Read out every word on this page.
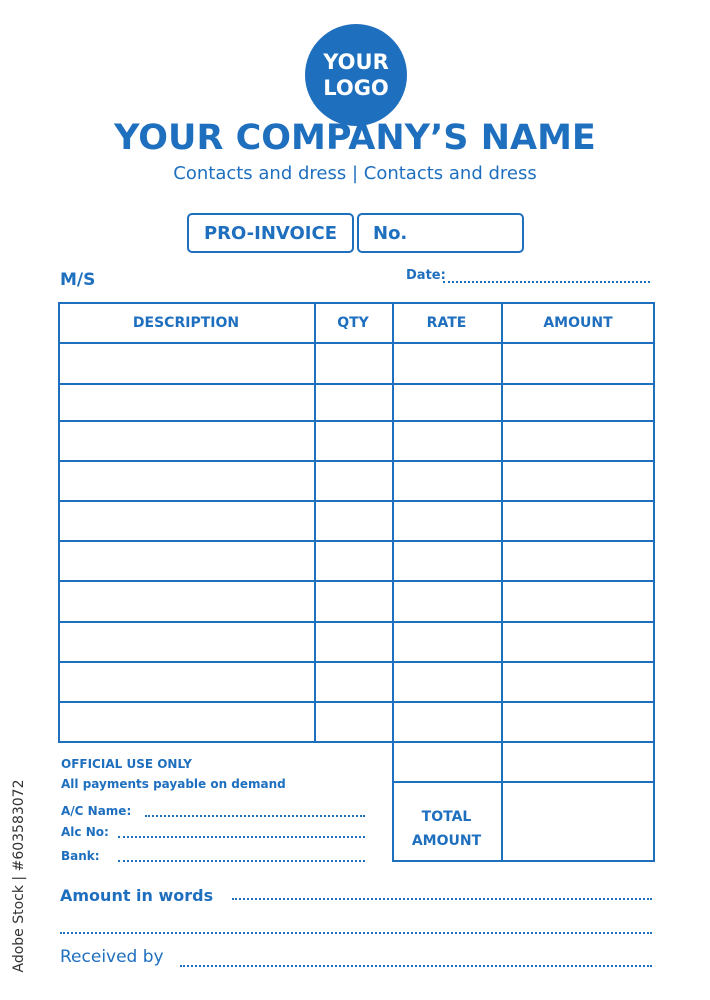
YOUR
LOGO
YOUR COMPANY’S NAME
Contacts and dress | Contacts and dress
PRO-INVOICE No.
M/S	Date:
DESCRIPTION	QTY	RATE	AMOUNT
TOTAL
AMOUNT
OFFICIAL USE ONLY
All payments payable on demand
A/C Name:
Alc No:
Bank:
Amount in words
Received by
Adobe Stock | #603583072
